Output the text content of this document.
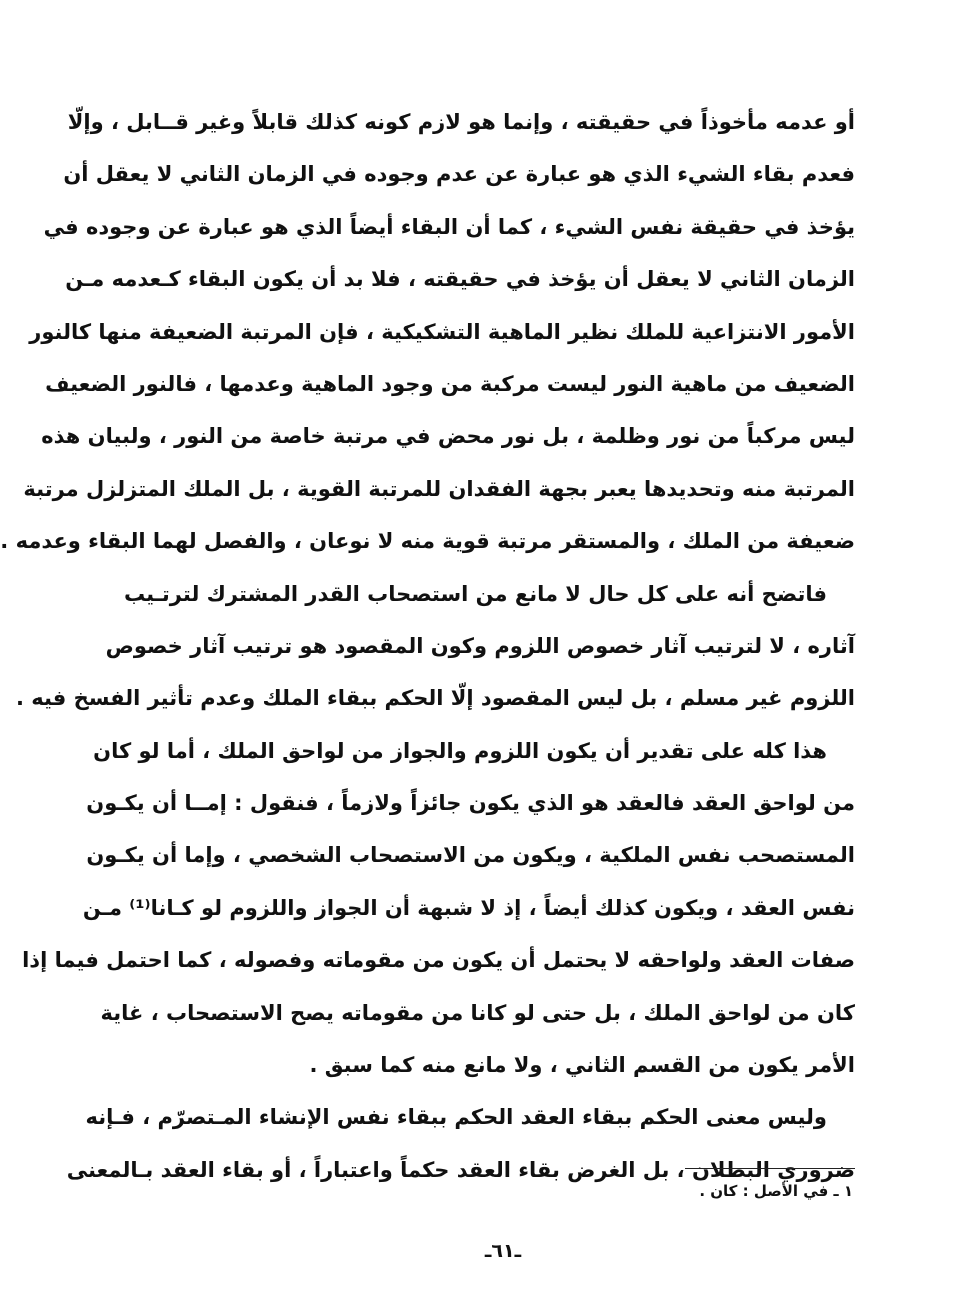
أو عدمه مأخوذاً في حقيقته ، وإنما هو لازم كونه كذلك قابلاً وغير قــابل ، وإلّا
فعدم بقاء الشيء الذي هو عبارة عن عدم وجوده في الزمان الثاني لا يعقل أن
يؤخذ في حقيقة نفس الشيء ، كما أن البقاء أيضاً الذي هو عبارة عن وجوده في
الزمان الثاني لا يعقل أن يؤخذ في حقيقته ، فلا بد أن يكون البقاء كـعدمه مـن
الأمور الانتزاعية للملك نظير الماهية التشكيكية ، فإن المرتبة الضعيفة منها كالنور
الضعيف من ماهية النور ليست مركبة من وجود الماهية وعدمها ، فالنور الضعيف
ليس مركباً من نور وظلمة ، بل نور محض في مرتبة خاصة من النور ، ولبيان هذه
المرتبة منه وتحديدها يعبر بجهة الفقدان للمرتبة القوية ، بل الملك المتزلزل مرتبة
ضعيفة من الملك ، والمستقر مرتبة قوية منه لا نوعان ، والفصل لهما البقاء وعدمه .
فاتضح أنه على كل حال لا مانع من استصحاب القدر المشترك لترتـيب
آثاره ، لا لترتيب آثار خصوص اللزوم وكون المقصود هو ترتيب آثار خصوص
اللزوم غير مسلم ، بل ليس المقصود إلّا الحكم ببقاء الملك وعدم تأثير الفسخ فيه .
هذا كله على تقدير أن يكون اللزوم والجواز من لواحق الملك ، أما لو كان
من لواحق العقد فالعقد هو الذي يكون جائزاً ولازماً ، فنقول : إمــا أن يكـون
المستصحب نفس الملكية ، ويكون من الاستصحاب الشخصي ، وإما أن يكـون
نفس العقد ، ويكون كذلك أيضاً ، إذ لا شبهة أن الجواز واللزوم لو كـانا⁽¹⁾ مـن
صفات العقد ولواحقه لا يحتمل أن يكون من مقوماته وفصوله ، كما احتمل فيما إذا
كان من لواحق الملك ، بل حتى لو كانا من مقوماته يصح الاستصحاب ، غاية
الأمر يكون من القسم الثاني ، ولا مانع منه كما سبق .
وليس معنى الحكم ببقاء العقد الحكم ببقاء نفس الإنشاء المـتصرّم ، فـإنه
ضروري البطلان ، بل الغرض بقاء العقد حكماً واعتباراً ، أو بقاء العقد بـالمعنى
١ ـ في الأصل : كان .
ـ٦١ـ
